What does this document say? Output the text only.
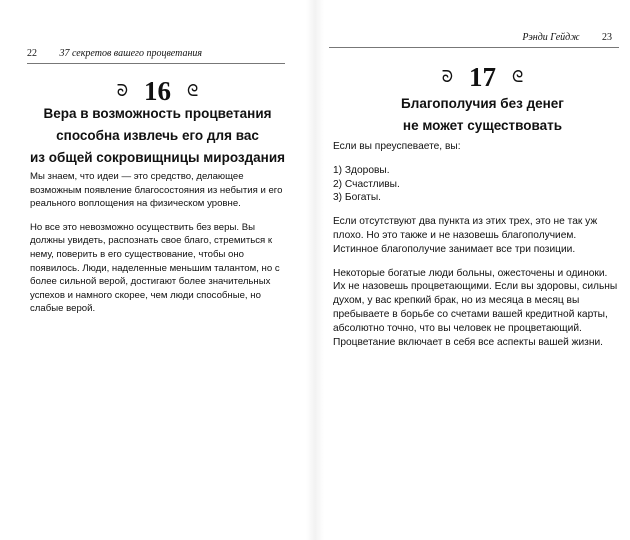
22 37 секретов вашего процветания
ᘐ 16 ᘓ
Вера в возможность процветания
способна извлечь его для вас
из общей сокровищницы мироздания

Мы знаем, что идеи — это средство, делающее возможным появление благосостояния из небытия и его реального воплощения на физическом уровне.

Но все это невозможно осуществить без веры. Вы должны увидеть, распознать свое благо, стремиться к нему, поверить в его существование, чтобы оно появилось. Люди, наделенные меньшим талантом, но с более сильной верой, достигают более значительных успехов и намного скорее, чем люди способные, но слабые верой.

Рэнди Гейдж 23
ᘐ 17 ᘓ
Благополучия без денег
не может существовать

Если вы преуспеваете, вы:

1) Здоровы.
2) Счастливы.
3) Богаты.

Если отсутствуют два пункта из этих трех, это не так уж плохо. Но это также и не назовешь благополучием. Истинное благополучие занимает все три позиции.

Некоторые богатые люди больны, ожесточены и одиноки. Их не назовешь процветающими. Если вы здоровы, сильны духом, у вас крепкий брак, но из месяца в месяц вы пребываете в борьбе со счетами вашей кредитной карты, абсолютно точно, что вы человек не процветающий. Процветание включает в себя все аспекты вашей жизни.
